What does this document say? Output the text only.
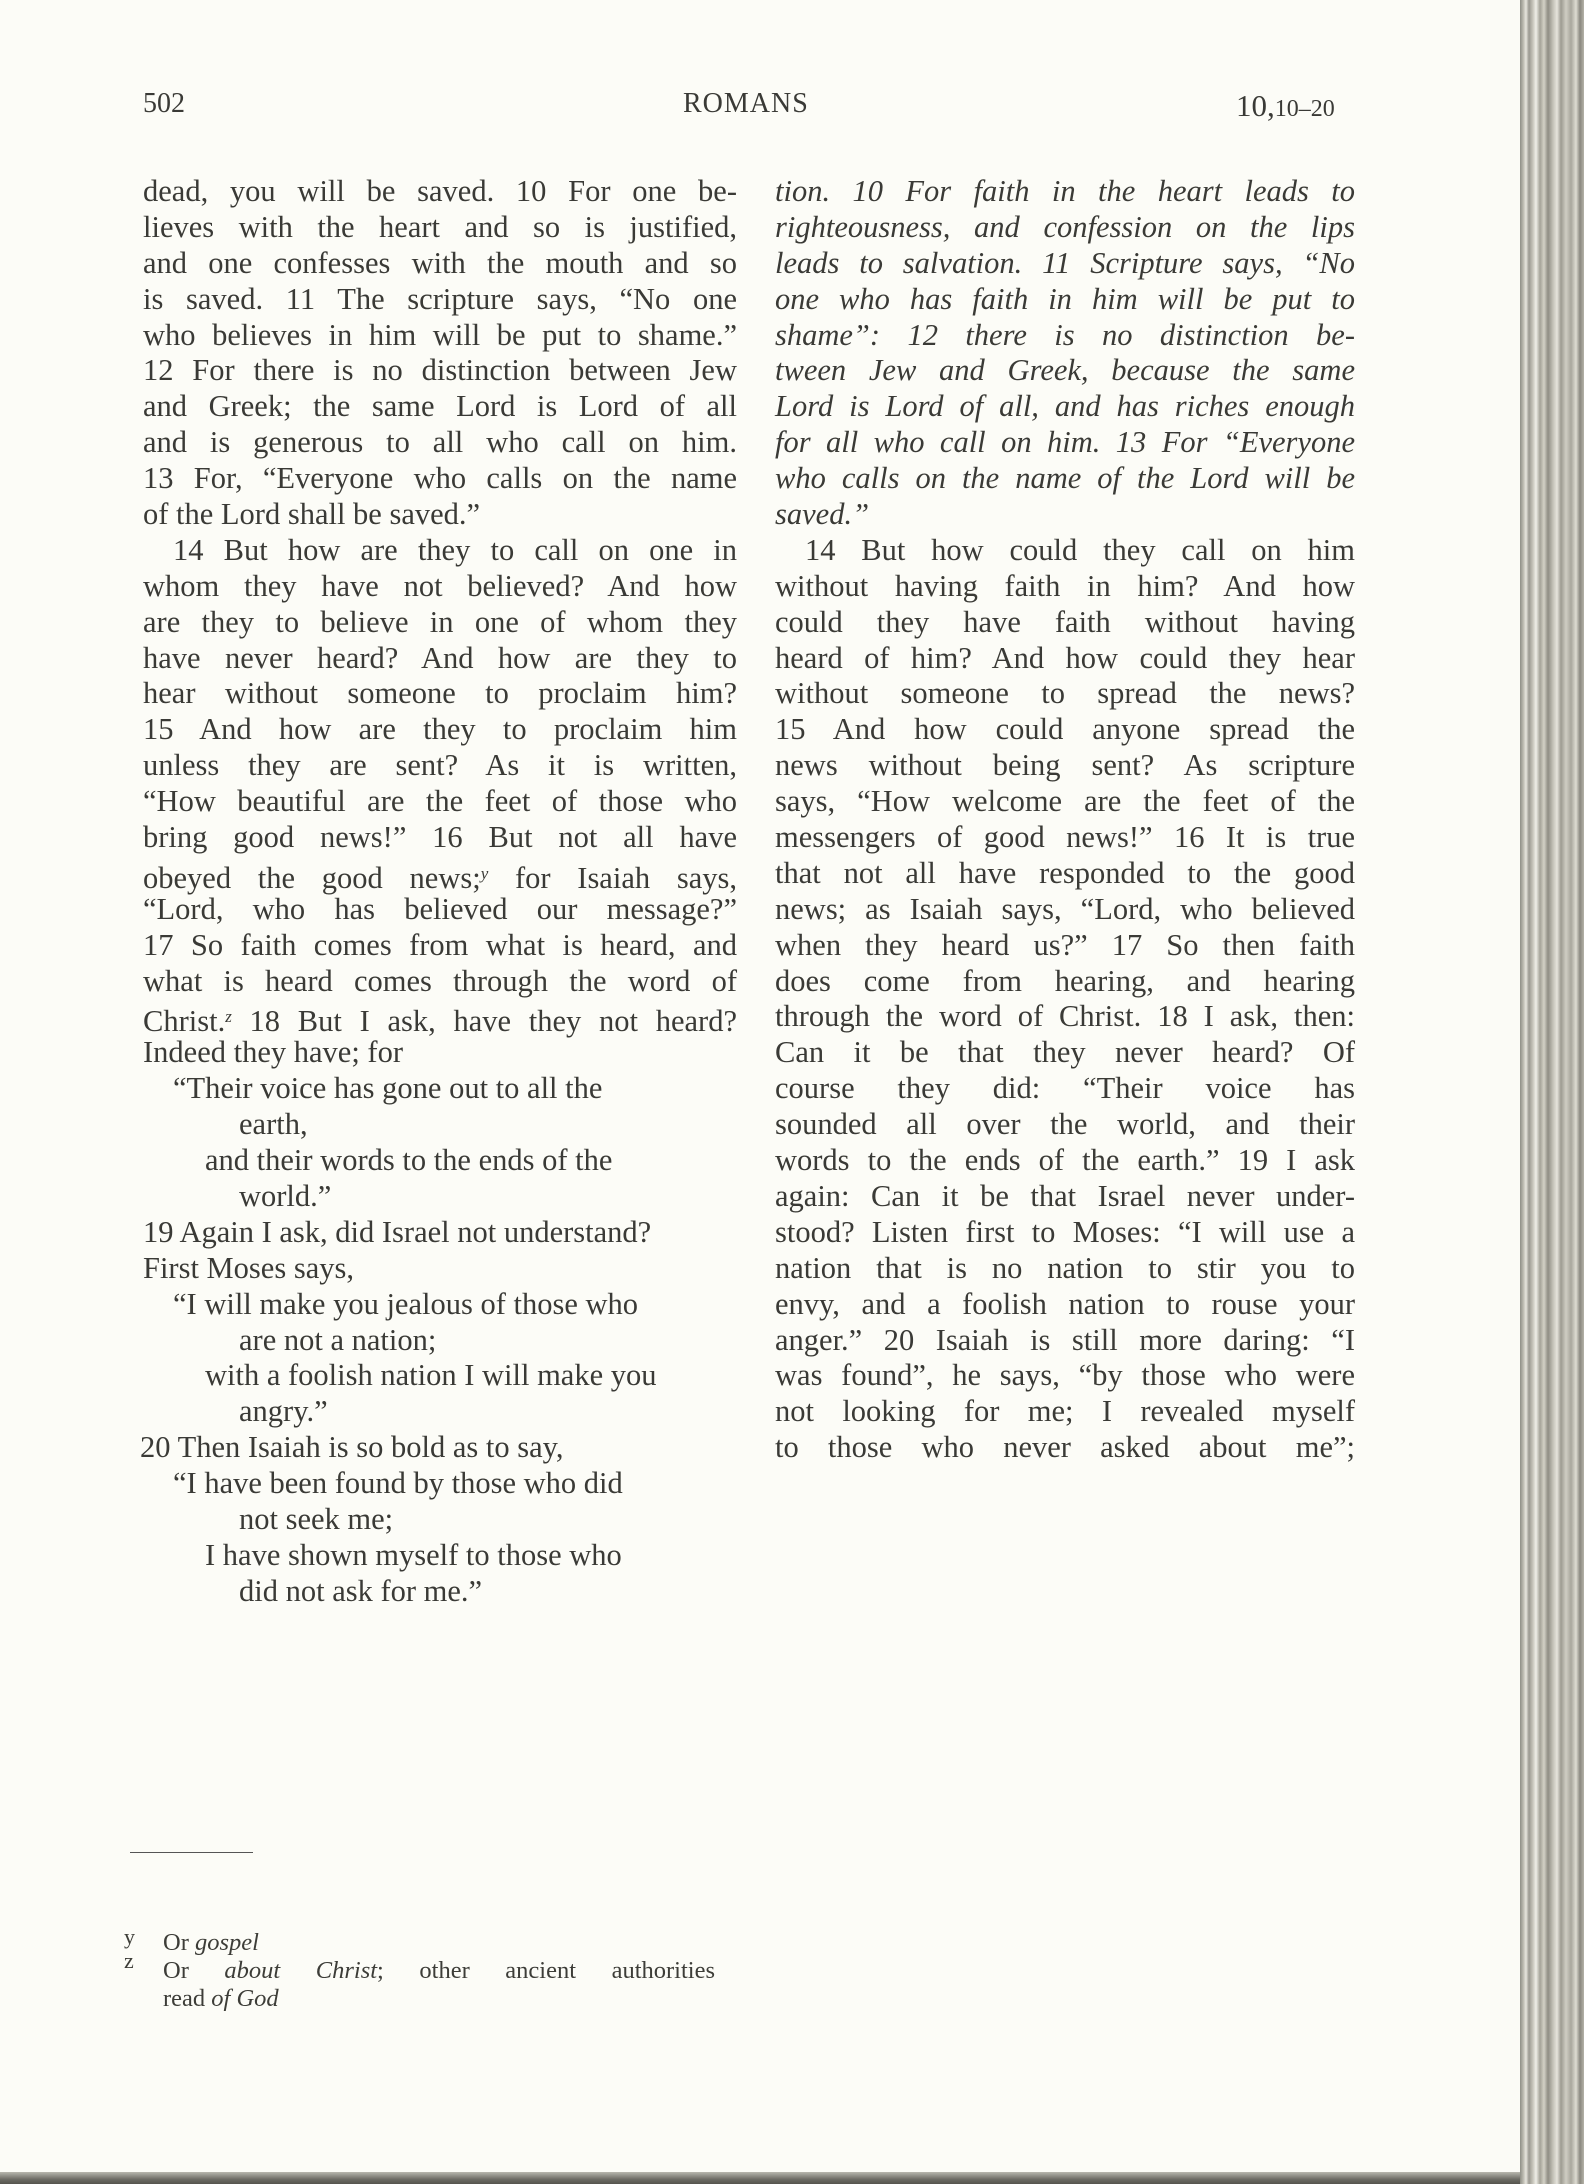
502	ROMANS	10,10–20
dead, you will be saved. 10 For one be-
lieves with the heart and so is justified,
and one confesses with the mouth and so
is saved. 11 The scripture says, “No one
who believes in him will be put to shame.”
12 For there is no distinction between Jew
and Greek; the same Lord is Lord of all
and is generous to all who call on him.
13 For, “Everyone who calls on the name
of the Lord shall be saved.”
14 But how are they to call on one in
whom they have not believed? And how
are they to believe in one of whom they
have never heard? And how are they to
hear without someone to proclaim him?
15 And how are they to proclaim him
unless they are sent? As it is written,
“How beautiful are the feet of those who
bring good news!” 16 But not all have
obeyed the good news;$^y$ for Isaiah says,
“Lord, who has believed our message?”
17 So faith comes from what is heard, and
what is heard comes through the word of
Christ.$^z$ 18 But I ask, have they not heard?
Indeed they have; for
“Their voice has gone out to all the
earth,
and their words to the ends of the
world.”
19 Again I ask, did Israel not understand?
First Moses says,
“I will make you jealous of those who
are not a nation;
with a foolish nation I will make you
angry.”
20 Then Isaiah is so bold as to say,
“I have been found by those who did
not seek me;
I have shown myself to those who
did not ask for me.”
tion. 10 For faith in the heart leads to
righteousness, and confession on the lips
leads to salvation. 11 Scripture says, “No
one who has faith in him will be put to
shame”: 12 there is no distinction be-
tween Jew and Greek, because the same
Lord is Lord of all, and has riches enough
for all who call on him. 13 For “Everyone
who calls on the name of the Lord will be
saved.”
14 But how could they call on him
without having faith in him? And how
could they have faith without having
heard of him? And how could they hear
without someone to spread the news?
15 And how could anyone spread the
news without being sent? As scripture
says, “How welcome are the feet of the
messengers of good news!” 16 It is true
that not all have responded to the good
news; as Isaiah says, “Lord, who believed
when they heard us?” 17 So then faith
does come from hearing, and hearing
through the word of Christ. 18 I ask, then:
Can it be that they never heard? Of
course they did: “Their voice has
sounded all over the world, and their
words to the ends of the earth.” 19 I ask
again: Can it be that Israel never under-
stood? Listen first to Moses: “I will use a
nation that is no nation to stir you to
envy, and a foolish nation to rouse your
anger.” 20 Isaiah is still more daring: “I
was found”, he says, “by those who were
not looking for me; I revealed myself
to those who never asked about me”;
y Or gospel
z Or about Christ; other ancient authorities
read of God
